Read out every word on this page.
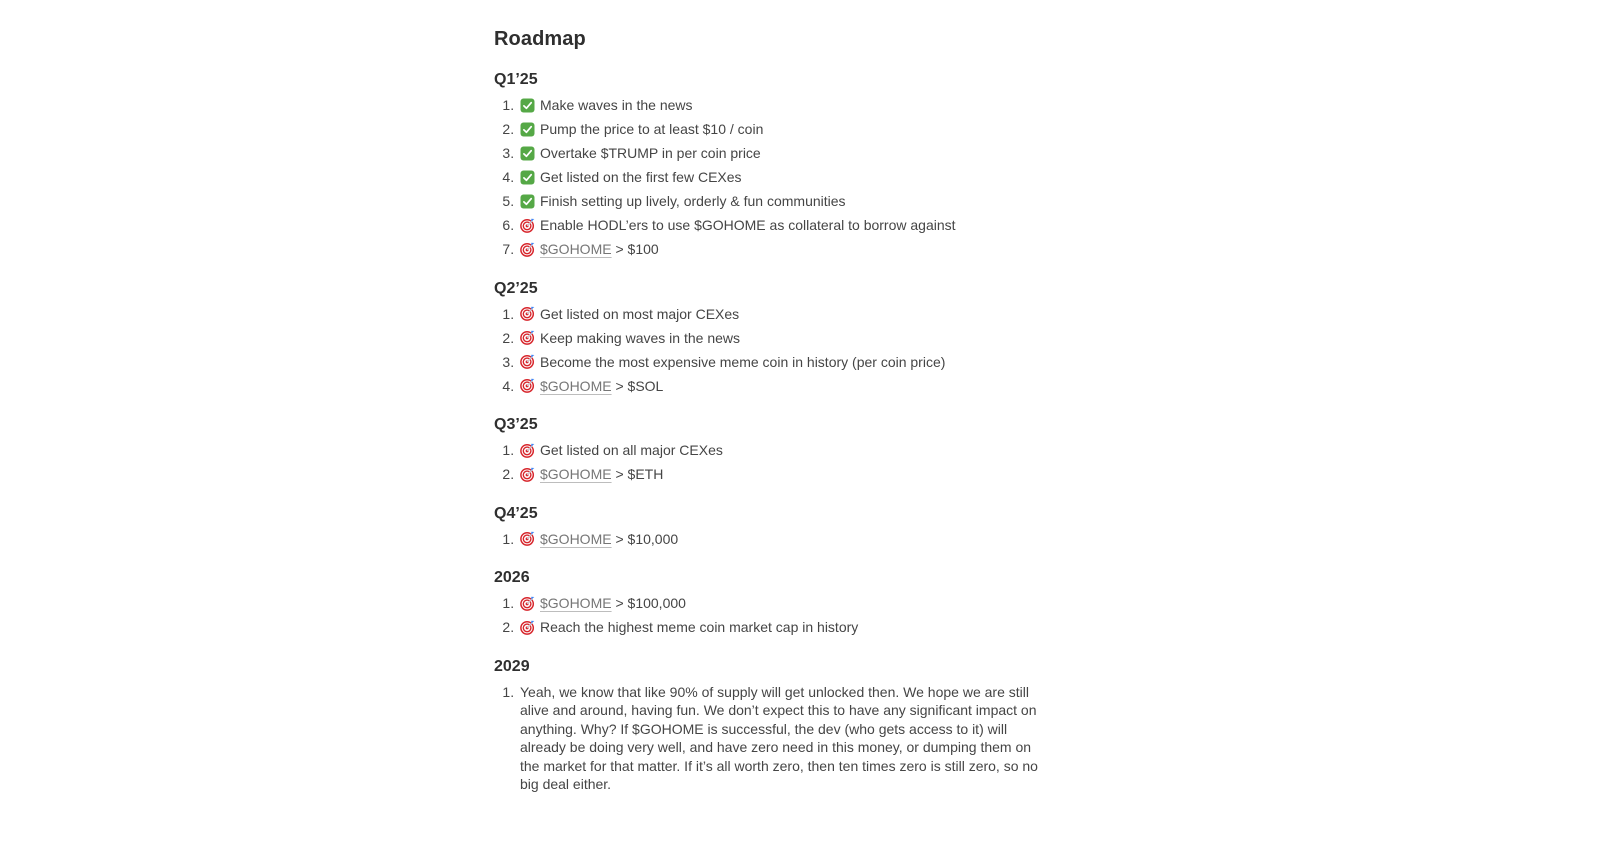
Roadmap
Q1’25
1. Make waves in the news
2. Pump the price to at least $10 / coin
3. Overtake $TRUMP in per coin price
4. Get listed on the first few CEXes
5. Finish setting up lively, orderly & fun communities
6. Enable HODL’ers to use $GOHOME as collateral to borrow against
7. $GOHOME > $100
Q2’25
1. Get listed on most major CEXes
2. Keep making waves in the news
3. Become the most expensive meme coin in history (per coin price)
4. $GOHOME > $SOL
Q3’25
1. Get listed on all major CEXes
2. $GOHOME > $ETH
Q4’25
1. $GOHOME > $10,000
2026
1. $GOHOME > $100,000
2. Reach the highest meme coin market cap in history
2029
1. Yeah, we know that like 90% of supply will get unlocked then. We hope we are still alive and around, having fun. We don’t expect this to have any significant impact on anything. Why? If $GOHOME is successful, the dev (who gets access to it) will already be doing very well, and have zero need in this money, or dumping them on the market for that matter. If it’s all worth zero, then ten times zero is still zero, so no big deal either.
